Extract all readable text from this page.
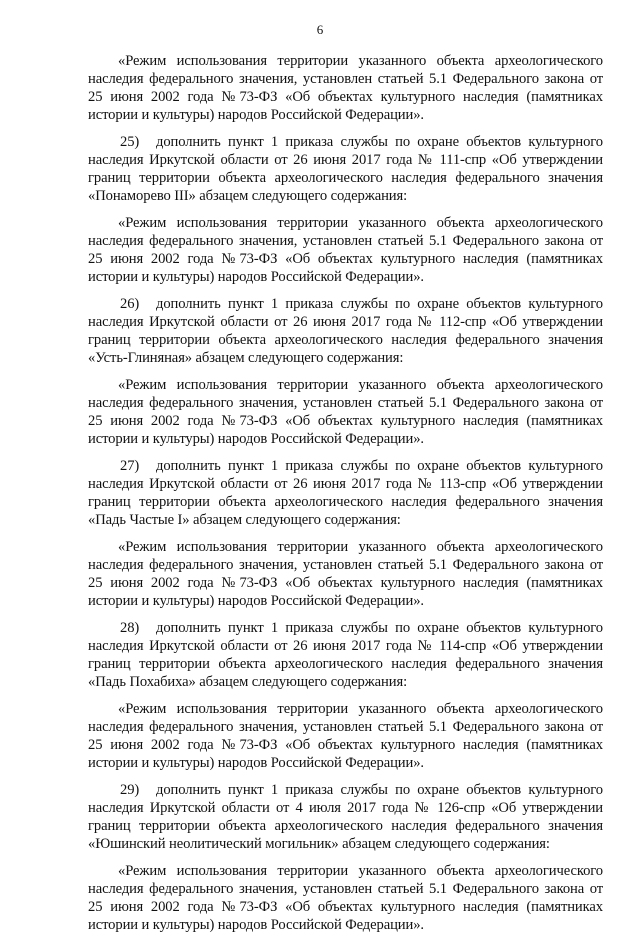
6

«Режим использования территории указанного объекта археологического наследия федерального значения, установлен статьей 5.1 Федерального закона от 25 июня 2002 года №73-ФЗ «Об объектах культурного наследия (памятниках истории и культуры) народов Российской Федерации».

25) дополнить пункт 1 приказа службы по охране объектов культурного наследия Иркутской области от 26 июня 2017 года № 111-спр «Об утверждении границ территории объекта археологического наследия федерального значения «Понаморево III» абзацем следующего содержания:

«Режим использования территории указанного объекта археологического наследия федерального значения, установлен статьей 5.1 Федерального закона от 25 июня 2002 года №73-ФЗ «Об объектах культурного наследия (памятниках истории и культуры) народов Российской Федерации».

26) дополнить пункт 1 приказа службы по охране объектов культурного наследия Иркутской области от 26 июня 2017 года № 112-спр «Об утверждении границ территории объекта археологического наследия федерального значения «Усть-Глиняная» абзацем следующего содержания:

«Режим использования территории указанного объекта археологического наследия федерального значения, установлен статьей 5.1 Федерального закона от 25 июня 2002 года №73-ФЗ «Об объектах культурного наследия (памятниках истории и культуры) народов Российской Федерации».

27) дополнить пункт 1 приказа службы по охране объектов культурного наследия Иркутской области от 26 июня 2017 года № 113-спр «Об утверждении границ территории объекта археологического наследия федерального значения «Падь Частые I» абзацем следующего содержания:

«Режим использования территории указанного объекта археологического наследия федерального значения, установлен статьей 5.1 Федерального закона от 25 июня 2002 года №73-ФЗ «Об объектах культурного наследия (памятниках истории и культуры) народов Российской Федерации».

28) дополнить пункт 1 приказа службы по охране объектов культурного наследия Иркутской области от 26 июня 2017 года № 114-спр «Об утверждении границ территории объекта археологического наследия федерального значения «Падь Похабиха» абзацем следующего содержания:

«Режим использования территории указанного объекта археологического наследия федерального значения, установлен статьей 5.1 Федерального закона от 25 июня 2002 года №73-ФЗ «Об объектах культурного наследия (памятниках истории и культуры) народов Российской Федерации».

29) дополнить пункт 1 приказа службы по охране объектов культурного наследия Иркутской области от 4 июля 2017 года № 126-спр «Об утверждении границ территории объекта археологического наследия федерального значения «Юшинский неолитический могильник» абзацем следующего содержания:

«Режим использования территории указанного объекта археологического наследия федерального значения, установлен статьей 5.1 Федерального закона от 25 июня 2002 года №73-ФЗ «Об объектах культурного наследия (памятниках истории и культуры) народов Российской Федерации».
